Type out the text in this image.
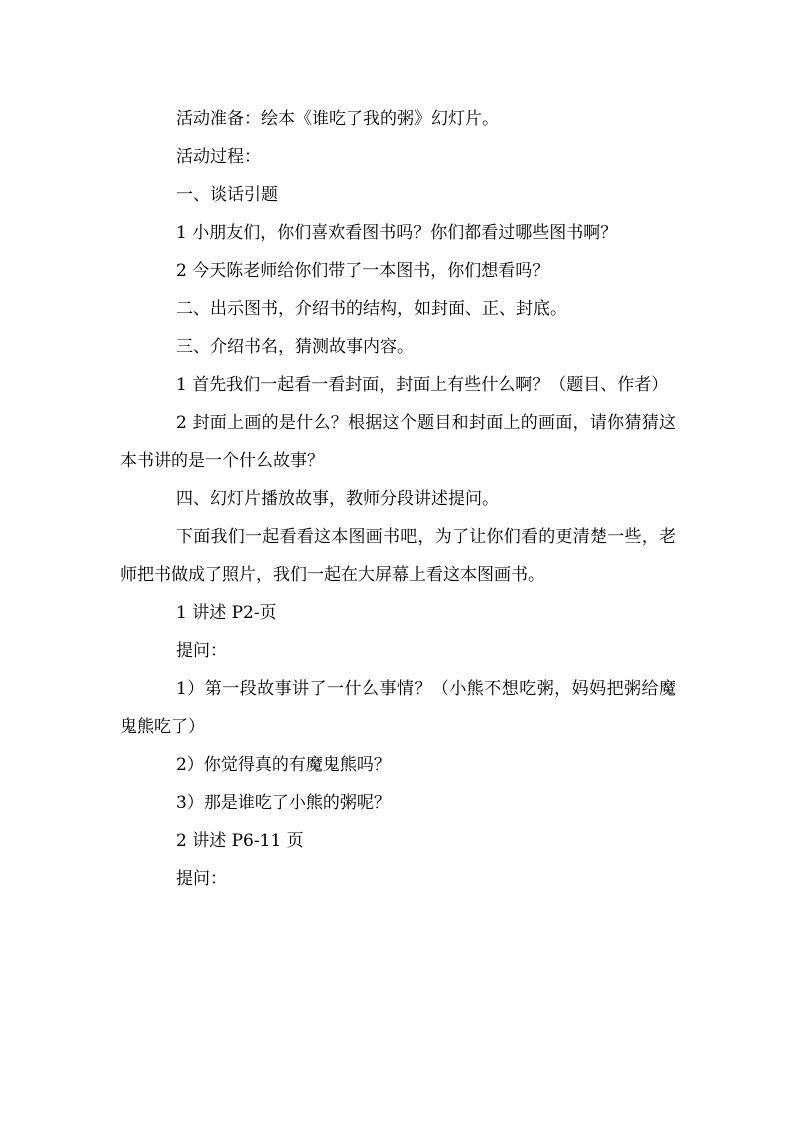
活动准备：绘本《谁吃了我的粥》幻灯片。

活动过程：

一、谈话引题

1 小朋友们，你们喜欢看图书吗？你们都看过哪些图书啊？

2 今天陈老师给你们带了一本图书，你们想看吗？

二、出示图书，介绍书的结构，如封面、正、封底。

三、介绍书名，猜测故事内容。

1 首先我们一起看一看封面，封面上有些什么啊？（题目、作者）

2 封面上画的是什么？根据这个题目和封面上的画面，请你猜猜这本书讲的是一个什么故事？

四、幻灯片播放故事，教师分段讲述提问。

下面我们一起看看这本图画书吧，为了让你们看的更清楚一些，老师把书做成了照片，我们一起在大屏幕上看这本图画书。

1 讲述 P2-页

提问：

1）第一段故事讲了一什么事情？（小熊不想吃粥，妈妈把粥给魔鬼熊吃了）

2）你觉得真的有魔鬼熊吗？

3）那是谁吃了小熊的粥呢？

2 讲述 P6-11 页

提问：
